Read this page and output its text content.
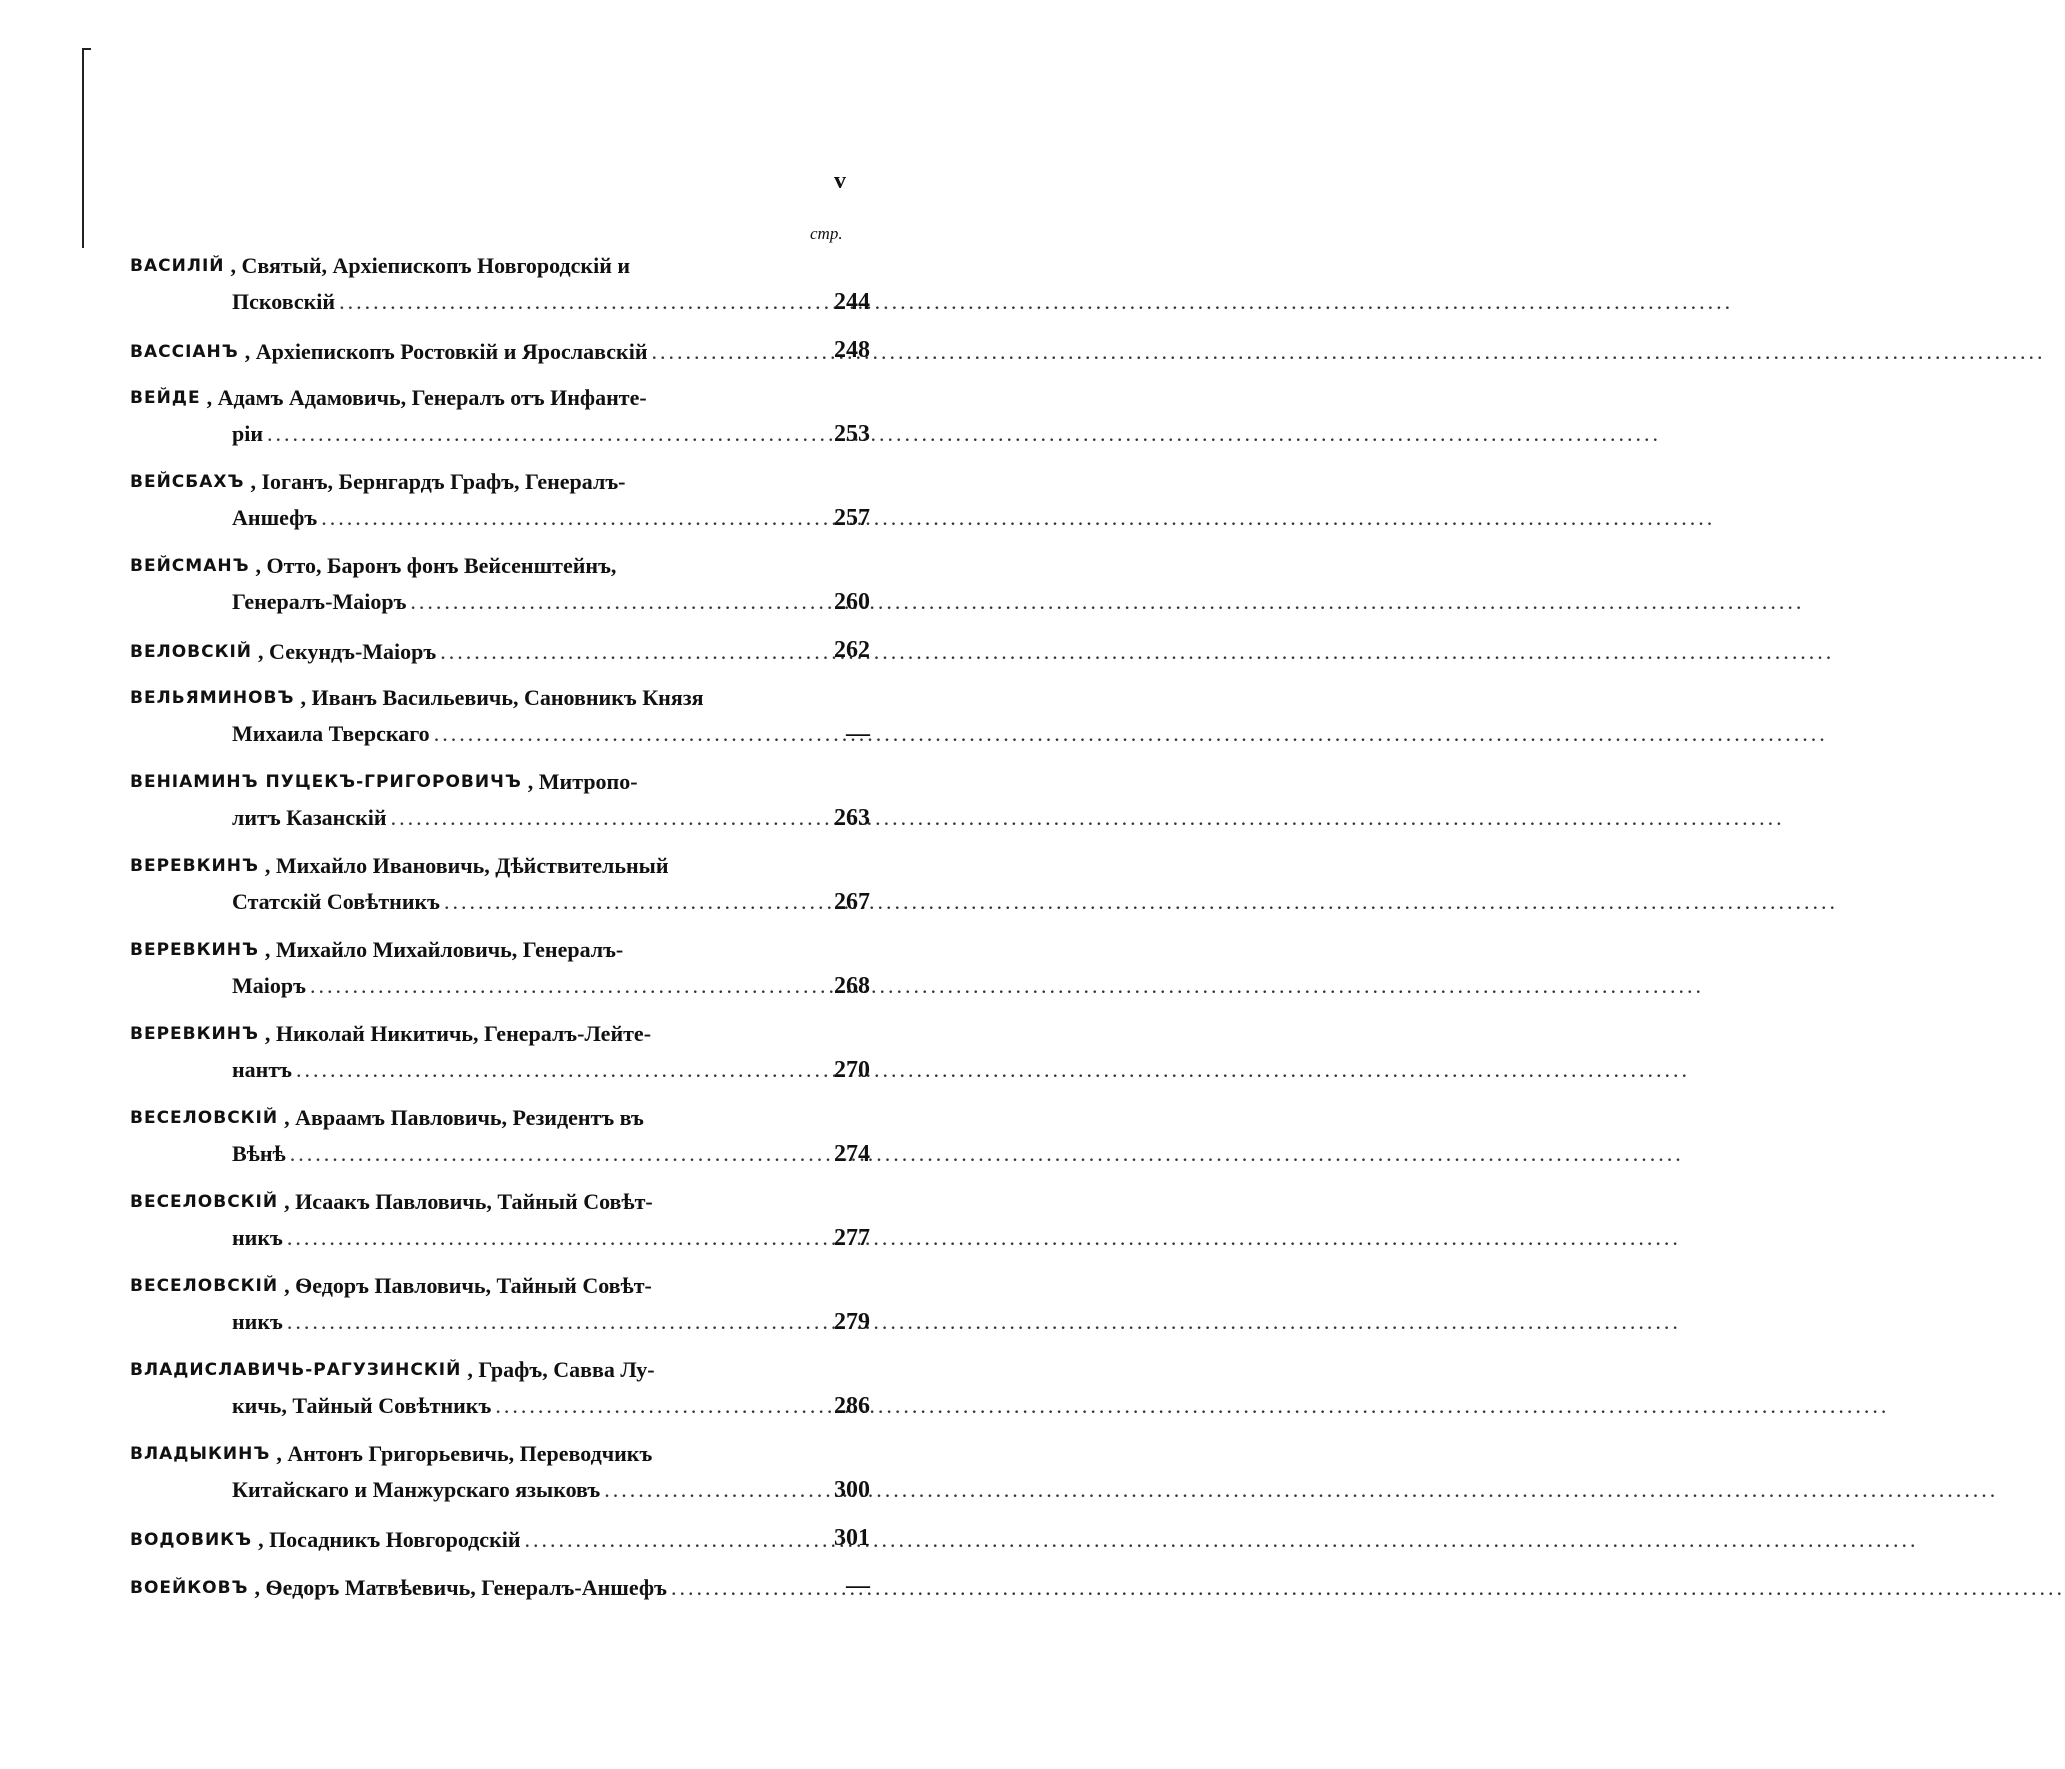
v
стр.
ВАСИЛІЙ , Святый, Архіепископъ Новгородскій и
Псковскій .....	244
ВАССІАНЪ , Архіепископъ Ростовкій и Ярославскій .....	248
ВЕЙДЕ , Адамъ Адамовичь, Генералъ отъ Инфанте-
ріи .....	253
ВЕЙСБАХЪ , Іоганъ, Бернгардъ Графъ, Генералъ-
Аншефъ .....	257
ВЕЙСМАНЪ , Отто, Баронъ фонъ Вейсенштейнъ,
Генералъ-Маіоръ .....	260
ВЕЛОВСКІЙ , Секундъ-Маіоръ .....	262
ВЕЛЬЯМИНОВЪ , Иванъ Васильевичь, Сановникъ Князя
Михаила Тверскаго .....	—
ВЕНІАМИНЪ ПУЦЕКЪ-ГРИГОРОВИЧЪ , Митропо-
литъ Казанскій .....	263
ВЕРЕВКИНЪ , Михайло Ивановичь, Дѣйствительный
Статскій Совѣтникъ .....	267
ВЕРЕВКИНЪ , Михайло Михайловичь, Генералъ-
Маіоръ .....	268
ВЕРЕВКИНЪ , Николай Никитичь, Генералъ-Лейте-
нантъ .....	270
ВЕСЕЛОВСКІЙ , Авраамъ Павловичь, Резидентъ въ
Вѣнѣ .....	274
ВЕСЕЛОВСКІЙ , Исаакъ Павловичь, Тайный Совѣт-
никъ .....	277
ВЕСЕЛОВСКІЙ , Ѳедоръ Павловичь, Тайный Совѣт-
никъ .....	279
ВЛАДИСЛАВИЧЬ-РАГУЗИНСКІЙ , Графъ, Савва Лу-
кичь, Тайный Совѣтникъ .....	286
ВЛАДЫКИНЪ , Антонъ Григорьевичь, Переводчикъ
Китайскаго и Манжурскаго языковъ .....	300
ВОДОВИКЪ , Посадникъ Новгородскій .....	301
ВОЕЙКОВЪ , Ѳедоръ Матвѣевичь, Генералъ-Аншефъ .....	—
